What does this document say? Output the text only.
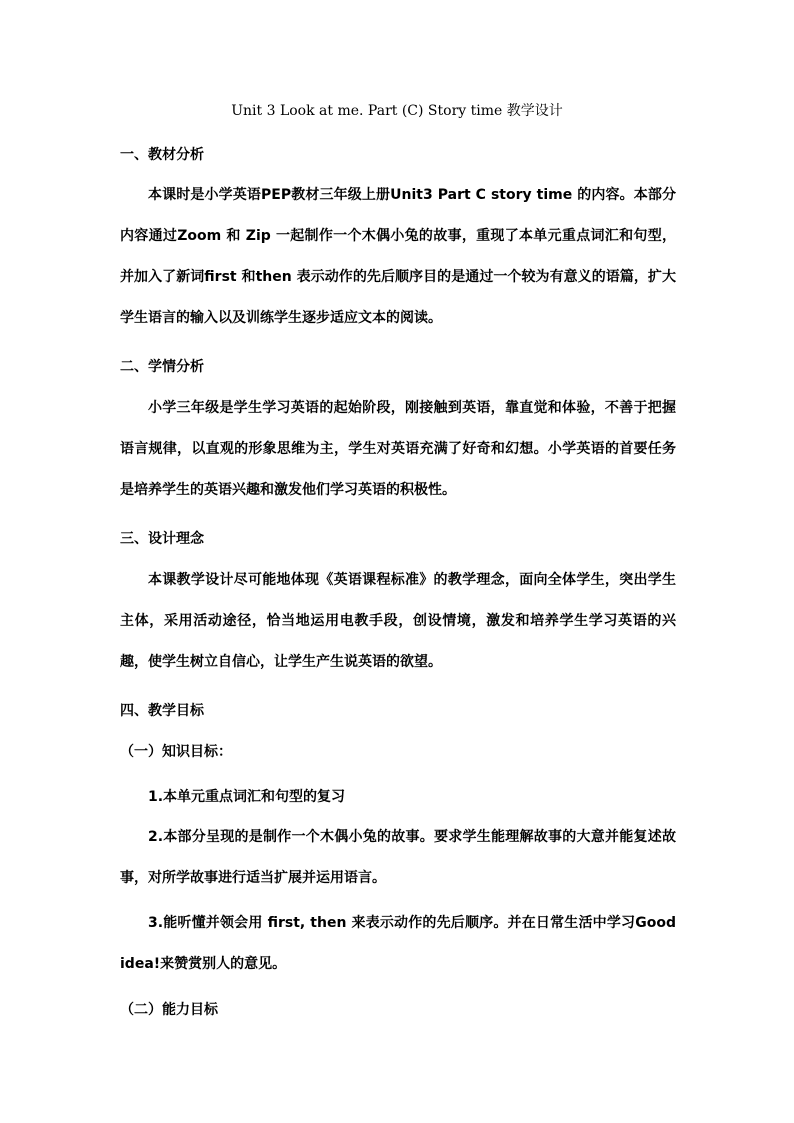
Unit 3 Look at me. Part (C) Story time 教学设计
一、教材分析
本课时是小学英语PEP教材三年级上册Unit3 Part C story time 的内容。本部分内容通过Zoom 和 Zip 一起制作一个木偶小兔的故事，重现了本单元重点词汇和句型，并加入了新词first 和then 表示动作的先后顺序目的是通过一个较为有意义的语篇，扩大学生语言的输入以及训练学生逐步适应文本的阅读。
二、学情分析
小学三年级是学生学习英语的起始阶段，刚接触到英语，靠直觉和体验，不善于把握语言规律，以直观的形象思维为主，学生对英语充满了好奇和幻想。小学英语的首要任务是培养学生的英语兴趣和激发他们学习英语的积极性。
三、设计理念
本课教学设计尽可能地体现《英语课程标准》的教学理念，面向全体学生，突出学生主体，采用活动途径，恰当地运用电教手段，创设情境，激发和培养学生学习英语的兴趣，使学生树立自信心，让学生产生说英语的欲望。
四、教学目标
（一）知识目标：
1.本单元重点词汇和句型的复习
2.本部分呈现的是制作一个木偶小兔的故事。要求学生能理解故事的大意并能复述故事，对所学故事进行适当扩展并运用语言。
3.能听懂并领会用 first, then 来表示动作的先后顺序。并在日常生活中学习Good idea!来赞赏别人的意见。
（二）能力目标
